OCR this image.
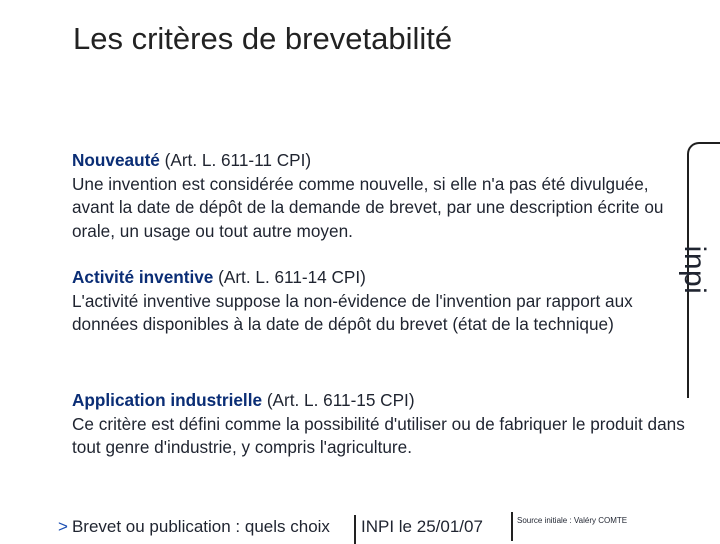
Les critères de brevetabilité
Nouveauté (Art. L. 611-11 CPI)
Une invention est considérée comme nouvelle, si elle n'a pas été divulguée, avant la date de dépôt de la demande de brevet, par une description écrite ou orale, un usage ou tout autre moyen.
Activité inventive (Art. L. 611-14 CPI)
L'activité inventive suppose la non-évidence de l'invention par rapport aux données disponibles à la date de dépôt du brevet (état de la technique)
Application industrielle (Art. L. 611-15 CPI)
Ce critère est défini comme la possibilité d'utiliser ou de fabriquer le produit dans tout genre d'industrie, y compris l'agriculture.
inpi
> Brevet ou publication : quels choix INPI le 25/01/07	Source initiale : Valéry COMTE
